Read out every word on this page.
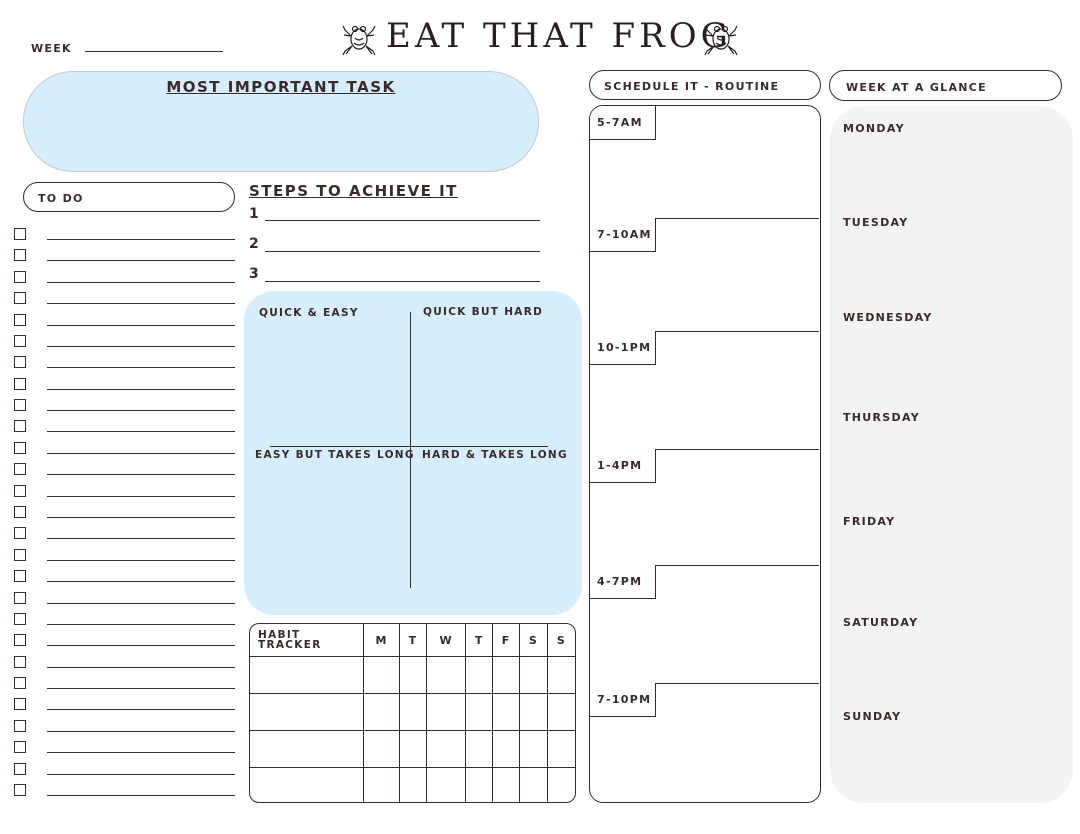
WEEK	EAT THAT FROG
MOST IMPORTANT TASK
TO DO	STEPS TO ACHIEVE IT
1
2
3
QUICK & EASY	QUICK BUT HARD
EASY BUT TAKES LONG HARD & TAKES LONG
HABIT
TRACKER	M	T	W	T	F	S	S

SCHEDULE IT - ROUTINE
5-7AM
7-10AM
10-1PM
1-4PM
4-7PM
7-10PM
WEEK AT A GLANCE
MONDAY
TUESDAY
WEDNESDAY
THURSDAY
FRIDAY
SATURDAY
SUNDAY
